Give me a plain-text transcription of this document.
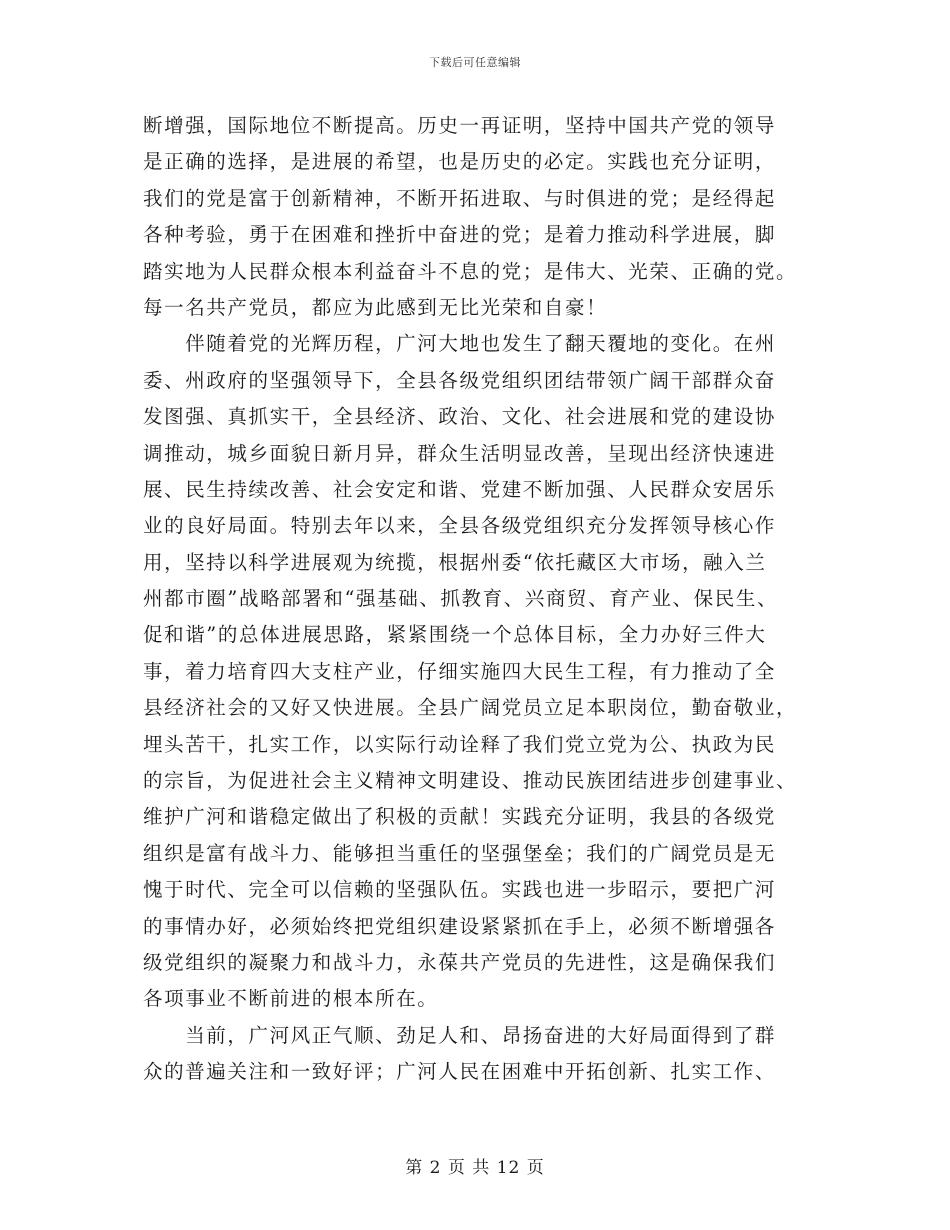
下载后可任意编辑
断增强，国际地位不断提高。历史一再证明，坚持中国共产党的领导
是正确的选择，是进展的希望，也是历史的必定。实践也充分证明，
我们的党是富于创新精神，不断开拓进取、与时俱进的党；是经得起
各种考验，勇于在困难和挫折中奋进的党；是着力推动科学进展，脚
踏实地为人民群众根本利益奋斗不息的党；是伟大、光荣、正确的党。
每一名共产党员，都应为此感到无比光荣和自豪！
　　伴随着党的光辉历程，广河大地也发生了翻天覆地的变化。在州
委、州政府的坚强领导下，全县各级党组织团结带领广阔干部群众奋
发图强、真抓实干，全县经济、政治、文化、社会进展和党的建设协
调推动，城乡面貌日新月异，群众生活明显改善，呈现出经济快速进
展、民生持续改善、社会安定和谐、党建不断加强、人民群众安居乐
业的良好局面。特别去年以来，全县各级党组织充分发挥领导核心作
用，坚持以科学进展观为统揽，根据州委“依托藏区大市场，融入兰
州都市圈”战略部署和“强基础、抓教育、兴商贸、育产业、保民生、
促和谐”的总体进展思路，紧紧围绕一个总体目标，全力办好三件大
事，着力培育四大支柱产业，仔细实施四大民生工程，有力推动了全
县经济社会的又好又快进展。全县广阔党员立足本职岗位，勤奋敬业，
埋头苦干，扎实工作，以实际行动诠释了我们党立党为公、执政为民
的宗旨，为促进社会主义精神文明建设、推动民族团结进步创建事业、
维护广河和谐稳定做出了积极的贡献！实践充分证明，我县的各级党
组织是富有战斗力、能够担当重任的坚强堡垒；我们的广阔党员是无
愧于时代、完全可以信赖的坚强队伍。实践也进一步昭示，要把广河
的事情办好，必须始终把党组织建设紧紧抓在手上，必须不断增强各
级党组织的凝聚力和战斗力，永葆共产党员的先进性，这是确保我们
各项事业不断前进的根本所在。
　　当前，广河风正气顺、劲足人和、昂扬奋进的大好局面得到了群
众的普遍关注和一致好评；广河人民在困难中开拓创新、扎实工作、
第 2 页 共 12 页
